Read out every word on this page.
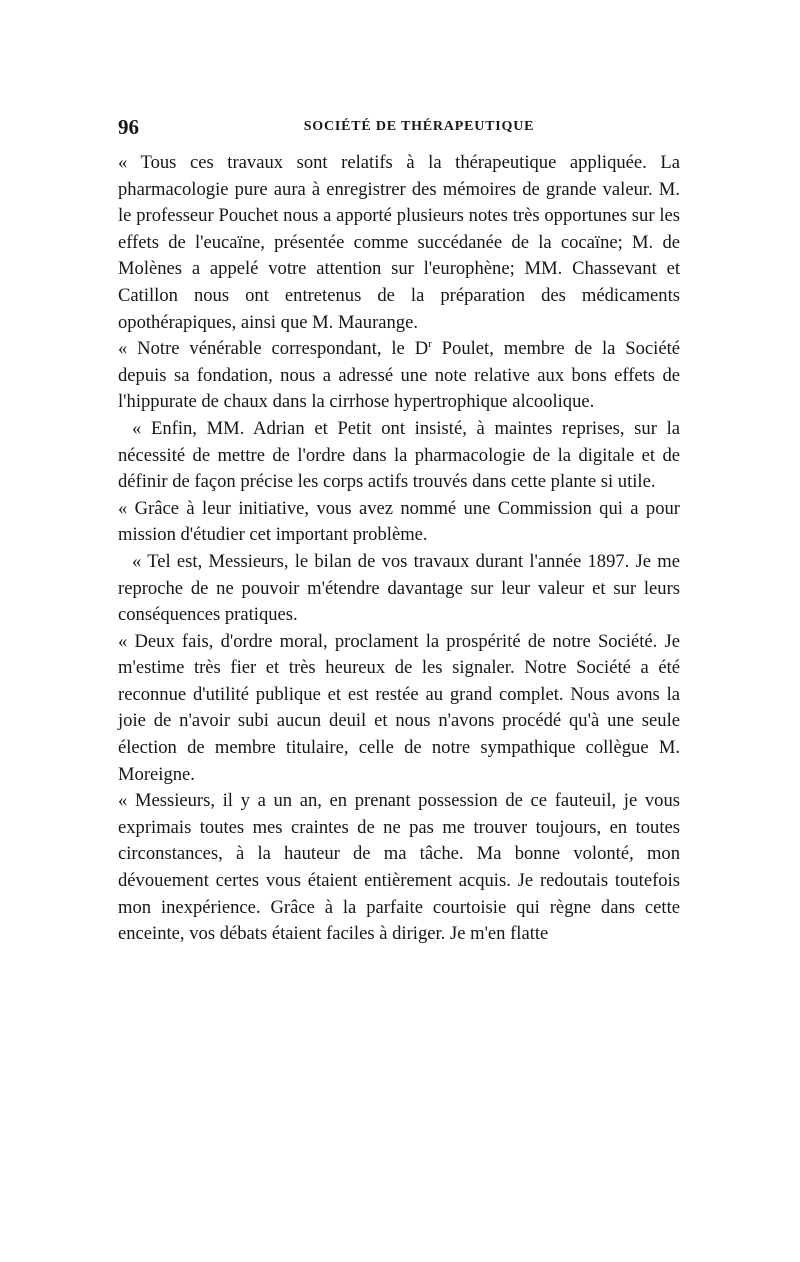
96	SOCIÉTÉ DE THÉRAPEUTIQUE

« Tous ces travaux sont relatifs à la thérapeutique appliquée. La pharmacologie pure aura à enregistrer des mémoires de grande valeur. M. le professeur Pouchet nous a apporté plusieurs notes très opportunes sur les effets de l'eucaïne, présentée comme succédanée de la cocaïne; M. de Molènes a appelé votre attention sur l'europhène; MM. Chassevant et Catillon nous ont entretenus de la préparation des médicaments opothérapiques, ainsi que M. Maurange.

« Notre vénérable correspondant, le $D^r$ Poulet, membre de la Société depuis sa fondation, nous a adressé une note relative aux bons effets de l'hippurate de chaux dans la cirrhose hypertrophique alcoolique.

« Enfin, MM. Adrian et Petit ont insisté, à maintes reprises, sur la nécessité de mettre de l'ordre dans la pharmacologie de la digitale et de définir de façon précise les corps actifs trouvés dans cette plante si utile.

« Grâce à leur initiative, vous avez nommé une Commission qui a pour mission d'étudier cet important problème.

« Tel est, Messieurs, le bilan de vos travaux durant l'année 1897. Je me reproche de ne pouvoir m'étendre davantage sur leur valeur et sur leurs conséquences pratiques.

« Deux fais, d'ordre moral, proclament la prospérité de notre Société. Je m'estime très fier et très heureux de les signaler. Notre Société a été reconnue d'utilité publique et est restée au grand complet. Nous avons la joie de n'avoir subi aucun deuil et nous n'avons procédé qu'à une seule élection de membre titulaire, celle de notre sympathique collègue M. Moreigne.

« Messieurs, il y a un an, en prenant possession de ce fauteuil, je vous exprimais toutes mes craintes de ne pas me trouver toujours, en toutes circonstances, à la hauteur de ma tâche. Ma bonne volonté, mon dévouement certes vous étaient entièrement acquis. Je redoutais toutefois mon inexpérience. Grâce à la parfaite courtoisie qui règne dans cette enceinte, vos débats étaient faciles à diriger. Je m'en flatte
